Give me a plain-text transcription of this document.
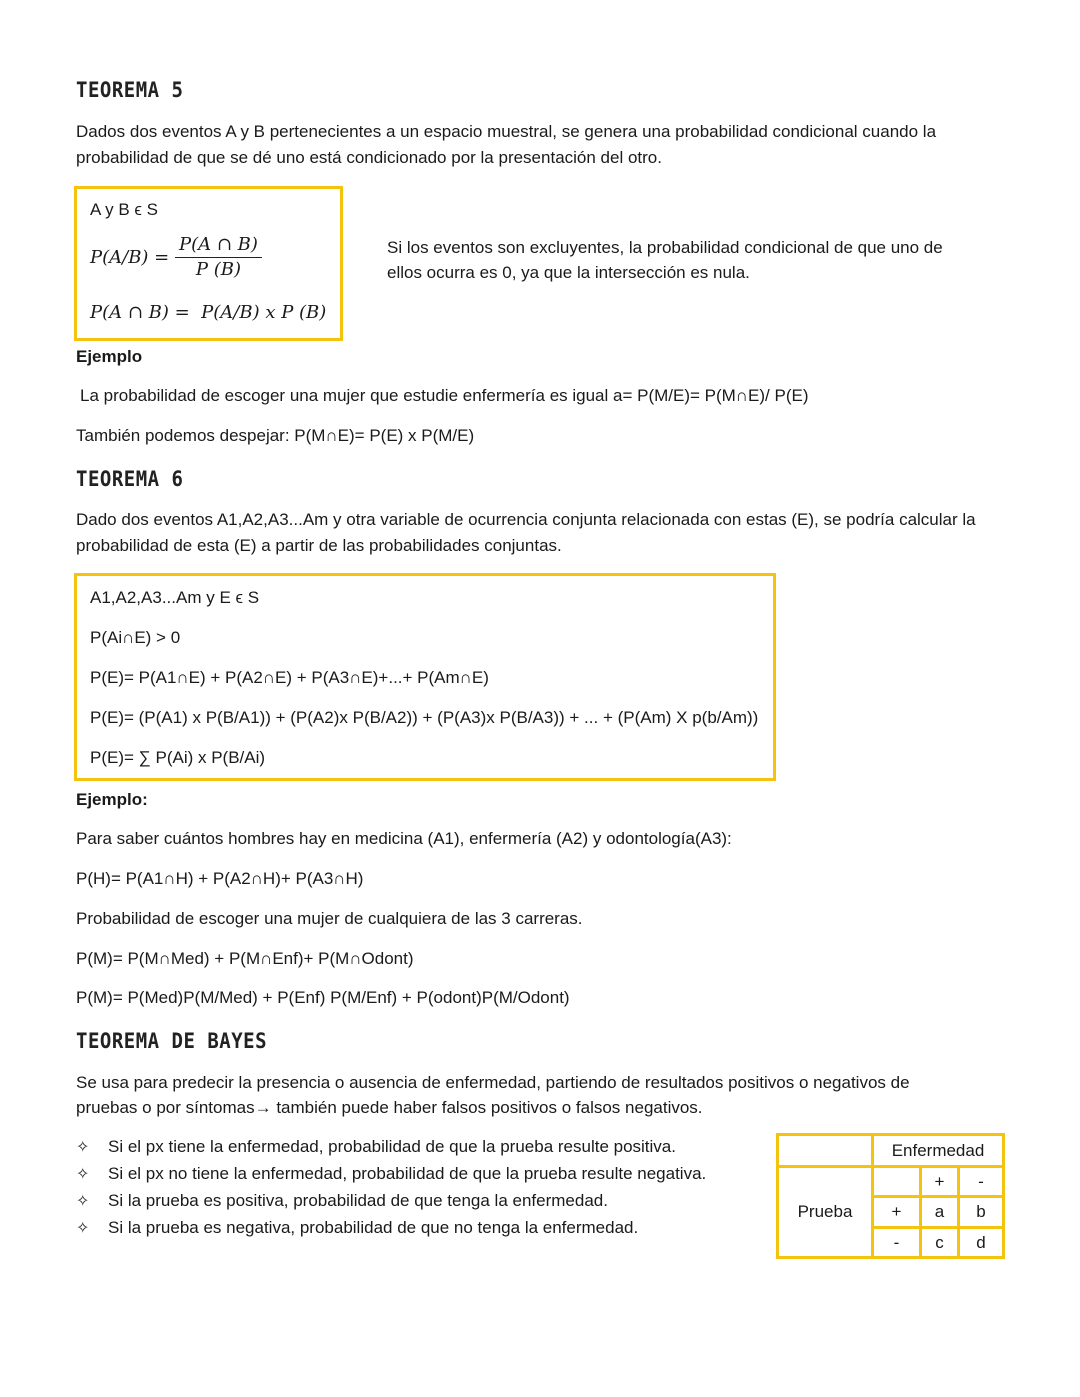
TEOREMA 5
Dados dos eventos A y B pertenecientes a un espacio muestral, se genera una probabilidad condicional cuando la
probabilidad de que se dé uno está condicionado por la presentación del otro.
A y B ϵ S
$P(A/B) = \frac{P(A \cap B)}{P (B)}$
P(A ∩ B) =  P(A/B) x P (B)
Si los eventos son excluyentes, la probabilidad condicional de que uno de
ellos ocurra es 0, ya que la intersección es nula.
Ejemplo
La probabilidad de escoger una mujer que estudie enfermería es igual a= P(M/E)= P(M∩E)/ P(E)
También podemos despejar: P(M∩E)= P(E) x P(M/E)
TEOREMA 6
Dado dos eventos A1,A2,A3...Am y otra variable de ocurrencia conjunta relacionada con estas (E), se podría calcular la
probabilidad de esta (E) a partir de las probabilidades conjuntas.
A1,A2,A3...Am y E ϵ S
P(Ai∩E) > 0
P(E)= P(A1∩E) + P(A2∩E) + P(A3∩E)+...+ P(Am∩E)
P(E)= (P(A1) x P(B/A1)) + (P(A2)x P(B/A2)) + (P(A3)x P(B/A3)) + ... + (P(Am) X p(b/Am))
P(E)= ∑ P(Ai) x P(B/Ai)
Ejemplo:
Para saber cuántos hombres hay en medicina (A1), enfermería (A2) y odontología(A3):
P(H)= P(A1∩H) + P(A2∩H)+ P(A3∩H)
Probabilidad de escoger una mujer de cualquiera de las 3 carreras.
P(M)= P(M∩Med) + P(M∩Enf)+ P(M∩Odont)
P(M)= P(Med)P(M/Med) + P(Enf) P(M/Enf) + P(odont)P(M/Odont)
TEOREMA DE BAYES
Se usa para predecir la presencia o ausencia de enfermedad, partiendo de resultados positivos o negativos de
pruebas o por síntomas→ también puede haber falsos positivos o falsos negativos.
✧ Si el px tiene la enfermedad, probabilidad de que la prueba resulte positiva.
✧ Si el px no tiene la enfermedad, probabilidad de que la prueba resulte negativa.
✧ Si la prueba es positiva, probabilidad de que tenga la enfermedad.
✧ Si la prueba es negativa, probabilidad de que no tenga la enfermedad.
	Enfermedad		
Prueba		+	-
	+	a	b
	-	c	d
